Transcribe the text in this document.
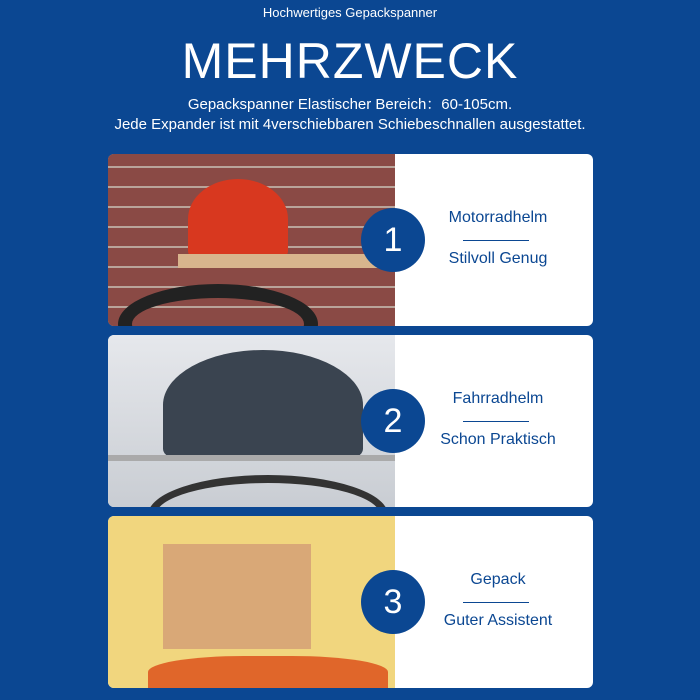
Hochwertiges Gepackspanner
MEHRZWECK
Gepackspanner Elastischer Bereich：60-105cm.
Jede Expander ist mit 4verschiebbaren Schiebeschnallen ausgestattet.
1
Motorradhelm
Stilvoll Genug
2
Fahrradhelm
Schon Praktisch
3
Gepack
Guter Assistent
